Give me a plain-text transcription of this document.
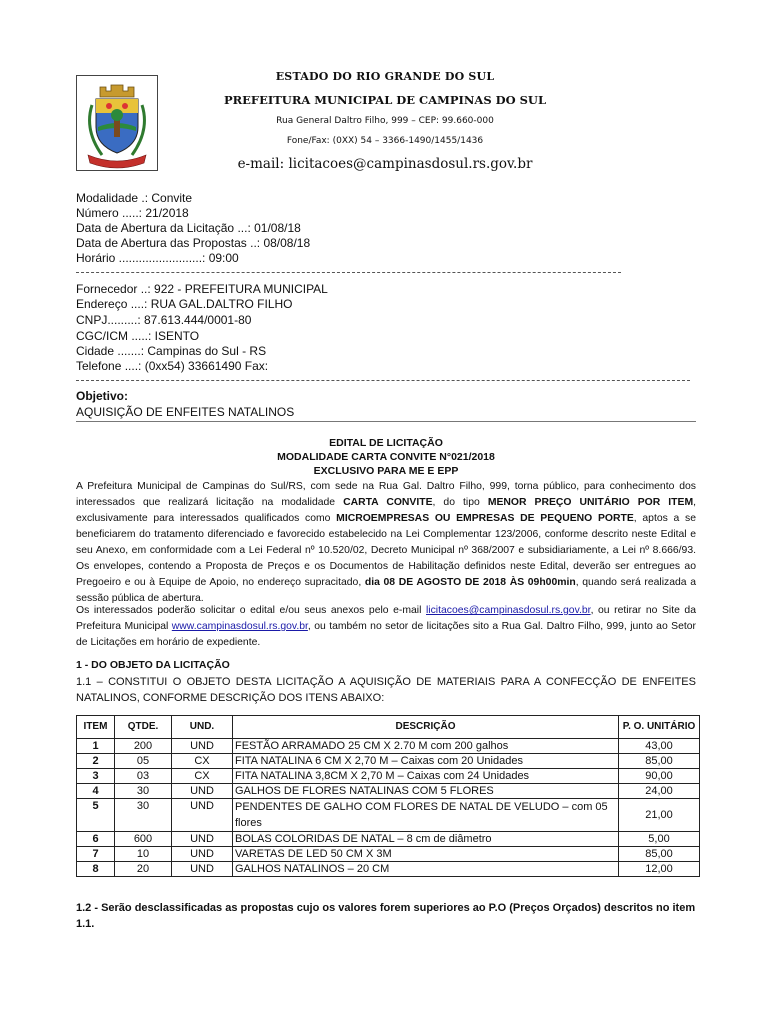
ESTADO DO RIO GRANDE DO SUL
PREFEITURA MUNICIPAL DE CAMPINAS DO SUL
Rua General Daltro Filho, 999 – CEP: 99.660-000
Fone/Fax: (0XX) 54 – 3366-1490/1455/1436
e-mail: licitacoes@campinasdosul.rs.gov.br
Modalidade .: Convite
Número .....: 21/2018
Data de Abertura da Licitação ...: 01/08/18
Data de Abertura das Propostas ..: 08/08/18
Horário .........................: 09:00
Fornecedor ..: 922 - PREFEITURA MUNICIPAL
Endereço ....: RUA GAL.DALTRO FILHO
CNPJ.........: 87.613.444/0001-80
CGC/ICM .....: ISENTO
Cidade .......: Campinas do Sul - RS
Telefone ....: (0xx54) 33661490 Fax:
Objetivo:
AQUISIÇÃO DE ENFEITES NATALINOS
EDITAL DE LICITAÇÃO
MODALIDADE CARTA CONVITE N°021/2018
EXCLUSIVO PARA ME E EPP
A Prefeitura Municipal de Campinas do Sul/RS, com sede na Rua Gal. Daltro Filho, 999, torna público, para conhecimento dos interessados que realizará licitação na modalidade CARTA CONVITE, do tipo MENOR PREÇO UNITÁRIO POR ITEM, exclusivamente para interessados qualificados como MICROEMPRESAS OU EMPRESAS DE PEQUENO PORTE, aptos a se beneficiarem do tratamento diferenciado e favorecido estabelecido na Lei Complementar 123/2006, conforme descrito neste Edital e seu Anexo, em conformidade com a Lei Federal nº 10.520/02, Decreto Municipal nº 368/2007 e subsidiariamente, a Lei nº 8.666/93. Os envelopes, contendo a Proposta de Preços e os Documentos de Habilitação definidos neste Edital, deverão ser entregues ao Pregoeiro e ou à Equipe de Apoio, no endereço supracitado, dia 08 DE AGOSTO DE 2018 ÀS 09h00min, quando será realizada a sessão pública de abertura.
Os interessados poderão solicitar o edital e/ou seus anexos pelo e-mail licitacoes@campinasdosul.rs.gov.br, ou retirar no Site da Prefeitura Municipal www.campinasdosul.rs.gov.br, ou também no setor de licitações sito a Rua Gal. Daltro Filho, 999, junto ao Setor de Licitações em horário de expediente.
1 - DO OBJETO DA LICITAÇÃO
1.1 – CONSTITUI O OBJETO DESTA LICITAÇÃO A AQUISIÇÃO DE MATERIAIS PARA A CONFECÇÃO DE ENFEITES NATALINOS, CONFORME DESCRIÇÃO DOS ITENS ABAIXO:
ITEM	QTDE.	UND.	DESCRIÇÃO	P. O. UNITÁRIO
1	200	UND	FESTÃO ARRAMADO 25 CM X 2.70 M com 200 galhos	43,00
2	05	CX	FITA NATALINA 6 CM X 2,70 M – Caixas com 20 Unidades	85,00
3	03	CX	FITA NATALINA 3,8CM X 2,70 M – Caixas com 24 Unidades	90,00
4	30	UND	GALHOS DE FLORES NATALINAS COM 5 FLORES	24,00
5	30	UND	PENDENTES DE GALHO COM FLORES DE NATAL DE VELUDO – com 05 flores	21,00
6	600	UND	BOLAS COLORIDAS DE NATAL – 8 cm de diâmetro	5,00
7	10	UND	VARETAS DE LED 50 CM X 3M	85,00
8	20	UND	GALHOS NATALINOS – 20 CM	12,00
1.2 - Serão desclassificadas as propostas cujo os valores forem superiores ao P.O (Preços Orçados) descritos no item 1.1.
